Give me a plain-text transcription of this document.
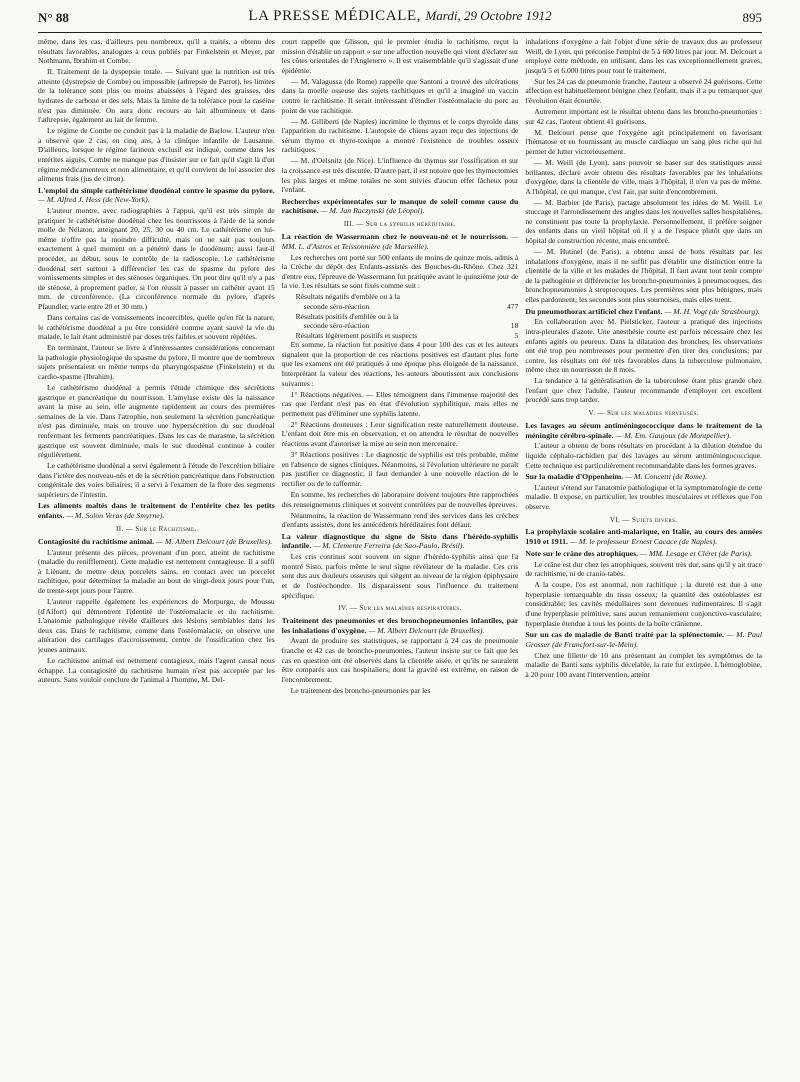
N° 88	LA PRESSE MÉDICALE, Mardi, 29 Octobre 1912	895

même, dans les cas, d'ailleurs peu nombreux, qu'il a traités, a obtenu des résultats favorables, analogues à ceux publiés par Finkelstein et Meyer, par Nothmann, Ibrahim et Combe.

II. Traitement de la dyspepsie totale. — Suivant que la nutrition est très atteinte (dystrepsie de Combe) ou impossible (athrepsie de Parrot), les limites de la tolérance sont plus ou moins abaissées à l'égard des graisses, des hydrates de carbone et des sels. Mais la limite de la tolérance pour la caséine n'est pas diminuée. On aura donc recours au lait albumineux et dans l'athrepsie, également au lait de femme.

Le régime de Combe ne conduit pas à la maladie de Barlow. L'auteur n'en a observé que 2 cas, en cinq ans, à la clinique infantile de Lausanne. D'ailleurs, lorsque le régime farineux exclusif est indiqué, comme dans les entérites aiguës, Combe ne manque pas d'insister sur ce fait qu'il s'agit là d'un régime médicamenteux et non alimentaire, et qu'il convient de lui associer des aliments frais (jus de citron).

L'emploi du simple cathétérisme duodénal contre le spasme du pylore. — M. Alfred J. Hess (de New-York).

L'auteur montre, avec radiographies à l'appui, qu'il est très simple de pratiquer le cathétérisme duodénal chez les nourrissons à l'aide de la sonde molle de Nélaton, atteignant 20, 25, 30 ou 40 cm. Le cathétérisme en lui-même n'offre pas la moindre difficulté, mais on ne sait pas toujours exactement à quel moment on a pénétré dans le duodénum; aussi faut-il procéder, au début, sous le contrôle de la radioscopie. Le cathétérisme duodénal sert surtout à différencier les cas de spasme du pylore des vomissements simples et des sténoses organiques. On peut dire qu'il n'y a pas de sténose, à proprement parler, si l'on réussit à passer un cathéter ayant 15 mm. de circonférence. (La circonférence normale du pylore, d'après Pfaundler, varie entre 20 et 30 mm.)

Dans certains cas de vomissements incoercibles, quelle qu'en fût la nature, le cathétérisme duodénal a pu être considéré comme ayant sauvé la vie du malade, le lait étant administré par doses très faibles et souvent répétées.

En terminant, l'auteur se livre à d'intéressantes considérations concernant la pathologie physiologique du spasme du pylore. Il montre que de nombreux sujets présentaient en même temps du pharyngospasme (Finkelstein) et du cardio-spasme (Ibrahim).

Le cathétérisme duodénal a permis l'étude chimique des sécrétions gastrique et pancréatique du nourrisson. L'amylase existe dès la naissance avant la mise au sein, elle augmente rapidement au cours des premières semaines de la vie. Dans l'atrophie, non seulement la sécrétion pancréatique n'est pas diminuée, mais on trouve une hypersécrétion du suc duodénal renfermant les ferments pancréatiques. Dans les cas de marasme, la sécrétion gastrique est souvent diminuée, mais le suc duodénal continue à couler régulièrement.

Le cathétérisme duodénal a servi également à l'étude de l'excrétion biliaire dans l'ictère des nouveau-nés et de la sécrétion pancréatique dans l'obstruction congénitale des voies biliaires; il a servi à l'examen de la flore des segments supérieurs de l'intestin.

Les aliments maltés dans le traitement de l'entérite chez les petits enfants. — M. Solon Veras (de Smyrne).
II. — Sur le Rachitisme.
Contagiosité du rachitisme animal. — M. Albert Delcourt (de Bruxelles).

L'auteur présente des pièces, provenant d'un porc, atteint de rachitisme (maladie du renifflement). Cette maladie est nettement contagieuse. Il a suffi à Liénant, de mettre deux porcelets sains, en contact avec un porcelet rachitique, pour déterminer la maladie au bout de vingt-deux jours pour l'un, de trente-sept jours pour l'autre.

L'auteur rappelle également les expériences de Morpurgo, de Moussu (d'Alfort) qui démontrent l'identité de l'ostéomalacie et du rachitisme. L'anatomie pathologique révèle d'ailleurs des lésions semblables dans les deux cas. Dans le rachitisme, comme dans l'ostéomalacie, on observe une altération des cartilages d'accroissement, centre de l'ossification chez les jeunes animaux.

Le rachitisme animal est nettement contagieux, mais l'agent causal nous échappe. La contagiosité du rachitisme humain n'est pas acceptée par les auteurs. Sans vouloir conclure de l'animal à l'homme, M. Del-

court rappelle que Glisson, qui le premier étudia le rachitisme, reçut la mission d'établir un rapport « sur une affection nouvelle qui vient d'éclater sur les côtes orientales de l'Angleterre ». Il est vraisemblable qu'il s'agissait d'une épidémie.

— M. Valagussa (de Rome) rappelle que Santoni a trouvé des ulcérations dans la moelle osseuse des sujets rachitiques et qu'il a imaginé un vaccin contre le rachitisme. Il serait intéressant d'étudier l'ostéomalacie du porc au point de vue rachitique.

— M. Gilliberti (de Naples) incrimine le thymus et le corps thyroïde dans l'apparition du rachitisme. L'autopsie de chiens ayant reçu des injections de sérum thymo et thyro-toxique a montré l'existence de troubles osseux rachitiques.

— M. d'Oelsnitz (de Nice). L'influence du thymus sur l'ossification et sur la croissance est très discutée. D'autre part, il est notoire que les thymectomies les plus larges et même totales ne sont suivies d'aucun effet fâcheux pour l'enfant.

Recherches expérimentales sur le manque de soleil comme cause du rachitisme. — M. Jan Raczynski (de Léopol).
III. — Sur la syphilis héréditaire.
La réaction de Wassermann chez le nouveau-né et le nourrisson. — MM. L. d'Astros et Teissonnière (de Marseille).

Les recherches ont porté sur 500 enfants de moins de quinze mois, admis à la Crèche du dépôt des Enfants-assistés des Bouches-du-Rhône. Chez 321 d'entre eux, l'épreuve de Wassermann fut pratiquée avant le quinzième jour de la vie. Les résultats se sont fixés comme suit :

Résultats négatifs d'emblée ou à la
seconde séro-réaction	477
Résultats positifs d'emblée ou à la
seconde séro-réaction	18
Résultats légèrement positifs et suspects	5

En somme, la réaction fut positive dans 4 pour 100 des cas et les auteurs signalent que la proportion de ces réactions positives est d'autant plus forte que les examens ont été pratiqués à une époque plus éloignée de la naissance. Interprétant la valeur des réactions, les auteurs aboutissent aux conclusions suivantes :

1° Réactions négatives. — Elles témoignent dans l'immense majorité des cas que l'enfant n'est pas en état d'évolution syphilitique, mais elles ne permettent pas d'éliminer une syphilis latente.

2° Réactions douteuses : Leur signification reste naturellement douteuse. L'enfant doit être mis en observation, et on attendra le résultat de nouvelles réactions avant d'autoriser la mise au sein non mercenaire.

3° Réactions positives : Le diagnostic de syphilis est très probable, même en l'absence de signes cliniques. Néanmoins, si l'évolution ultérieure ne paraît pas justifier ce diagnostic, il faut demander à une nouvelle réaction de le rectifier ou de le raffermir.

En somme, les recherches de laboratoire doivent toujours être rapprochées des renseignements cliniques et souvent contrôlées par de nouvelles épreuves.

Néanmoins, la réaction de Wassermann rend des services dans les crèches d'enfants assistés, dont les antécédents héréditaires font défaut.

La valeur diagnostique du signe de Sisto dans l'hérédo-syphilis infantile. — M. Clemente Ferreira (de Sao-Paulo, Brésil).

Les cris continus sont souvent un signe d'hérédo-syphilis ainsi que l'a montré Sisto, parfois même le seul signe révélateur de la maladie. Ces cris sont dus aux douleurs osseuses qui siègent au niveau de la région épiphysaire et de l'ostéochondre. Ils disparaissent sous l'influence du traitement spécifique.

IV. — Sur les maladies respiratoires.
Traitement des pneumonies et des bronchopneumonies infantiles, par les inhalations d'oxygène. — M. Albert Delcourt (de Bruxelles).

Avant de produire ses statistiques, se rapportant à 24 cas de pneumonie franche et 42 cas de broncho-pneumonies, l'auteur insiste sur ce fait que les cas en question ont été observés dans la clientèle aisée, et qu'ils ne sauraient être comparés aux cas hospitaliers, dont la gravité est extrême, en raison de l'encombrement.

Le traitement des broncho-pneumonies par les

inhalations d'oxygène a fait l'objet d'une série de travaux dus au professeur Weill, de Lyon, qui préconise l'emploi de 5 à 600 litres par jour. M. Delcourt a employé cette méthode, en utilisant, dans les cas exceptionnellement graves, jusqu'à 5 et 6.000 litres pour tout le traitement.

Sur les 24 cas de pneumonie franche, l'auteur a observé 24 guérisons. Cette affection est habituellement bénigne chez l'enfant, mais il a pu remarquer que l'évolution était écourtée.

Autrement important est le résultat obtenu dans les broncho-pneumonies : sur 42 cas, l'auteur obtient 41 guérisons.

M. Delcourt pense que l'oxygène agit principalement en favorisant l'hématose et en fournissant au muscle cardiaque un sang plus riche qui lui permet de lutter victorieusement.

— M. Weill (de Lyon), sans pouvoir se baser sur des statistiques aussi brillantes, déclare avoir obtenu des résultats favorables par les inhalations d'oxygène, dans la clientèle de ville, mais à l'hôpital, il n'en va pas de même. A l'hôpital, ce qui manque, c'est l'air, par suite d'encombrement.

— M. Barbier (de Paris), partage absolument les idées de M. Weill. Le stuccage et l'arrondissement des angles dans les nouvelles salles hospitalières, ne constituent pas toute la prophylaxie. Personnellement, il préfère soigner des enfants dans un vieil hôpital où il y a de l'espace plutôt que dans un hôpital de construction récente, mais encombré.

— M. Hutinel (de Paris), a obtenu aussi de bons résultats par les inhalations d'oxygène, mais il ne suffit pas d'établir une distinction entre la clientèle de la ville et les malades de l'hôpital. Il faut avant tout tenir compte de la pathogénie et différencier les broncho-pneumonies à pneumocoques, des bronchopneumonies à streptocoques. Les premières sont plus bénignes, mais elles pardonnent; les secondes sont plus sournoises, mais elles tuent.

Du pneumothorax artificiel chez l'enfant. — M. H. Vogt (de Strasbourg).

En collaboration avec M. Pielsticker, l'auteur a pratiqué des injections intra-pleurales d'azote. Une anesthésie courte est parfois nécessaire chez les enfants agités ou peureux. Dans la dilatation des bronches, les observations ont été trop peu nombreuses pour permettre d'en tirer des conclusions; par contre, les résultats ont été très favorables dans la tuberculose pulmonaire, même chez un nourrisson de 8 mois.

La tendance à la généralisation de la tuberculose étant plus grande chez l'enfant que chez l'adulte, l'auteur recommande d'employer cet excellent procédé sans trop tarder.

V. — Sur les maladies nerveuses.
Les lavages au sérum antiméningococcique dans le traitement de la méningite cérébro-spinale. — M. Em. Gaujoux (de Montpellier).

L'auteur a obtenu de bons résultats en procédant à la dilution étendue du liquide céphalo-rachidien par des lavages au sérum antiméningococcique. Cette technique est particulièrement recommandable dans les formes graves.

Sur la maladie d'Oppenheim. — M. Concetti (de Rome).

L'auteur s'étend sur l'anatomie pathologique et la symptomatologie de cette maladie. Il expose, en particulier, les troubles musculaires et réflexes que l'on observe.

VI. — Sujets divers.
La prophylaxie scolaire anti-malarique, en Italie, au cours des années 1910 et 1911. — M. le professeur Ernest Cacace (de Naples).
Note sur le crâne des atrophiques. — MM. Lesage et Cléret (de Paris).

Le crâne est dur chez les atrophiques, souvent très dur, sans qu'il y ait trace de rachitisme, ni de cranio-tabès.

A la coupe, l'os est anormal, non rachitique ; la dureté est due à une hyperplasie remarquable du tissu osseux; la quantité des ostéoblastes est considérable; les cavités médullaires sont devenues rudimentaires. Il s'agit d'une hyperplasie primitive, sans aucun remaniement conjonctivo-vasculaire; hyperplasie étendue à tous les points de la boîte crânienne.

Sur un cas de maladie de Banti traité par la splénectomie. — M. Paul Grosser (de Francfort-sur-le-Mein).

Chez une fillette de 10 ans présentant au complet les symptômes de la maladie de Banti sans syphilis décelable, la rate fut extirpée. L'hémoglobine, à 20 pour 100 avant l'intervention, atteint
